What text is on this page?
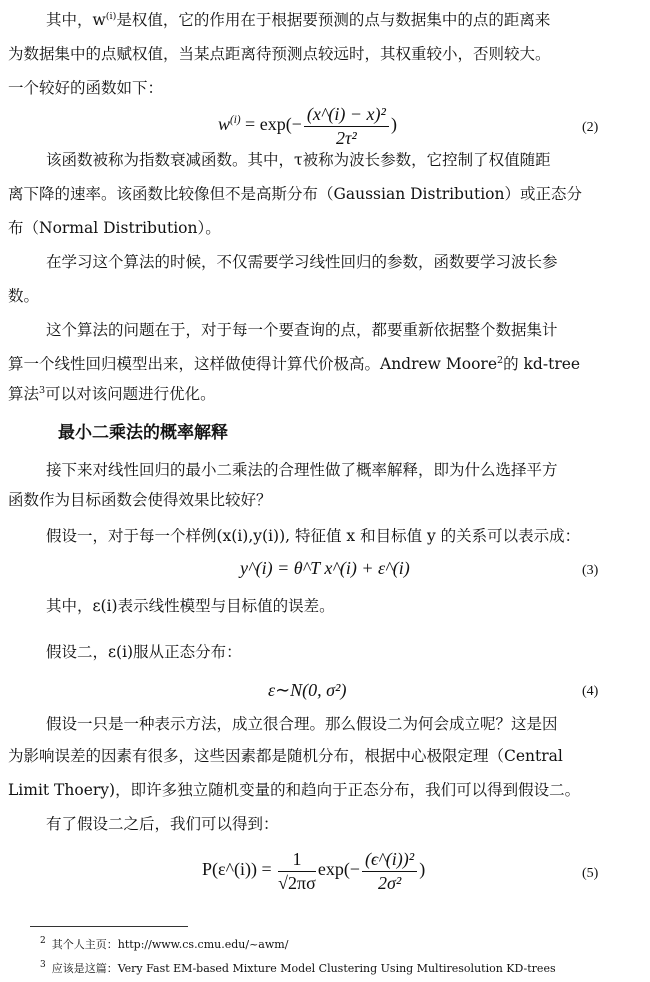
其中，$w^{(i)}$是权值，它的作用在于根据要预测的点与数据集中的点的距离来
为数据集中的点赋权值，当某点距离待预测点较远时，其权重较小，否则较大。
一个较好的函数如下：
$w^{(i)} = \exp(- \frac{\text{(x\textasciicircum{}(i) − x)²}}{\text{2τ²}}$ )	(2)
该函数被称为指数衰减函数。其中，τ被称为波长参数，它控制了权值随距
离下降的速率。该函数比较像但不是高斯分布（Gaussian Distribution）或正态分
布（Normal Distribution）。
在学习这个算法的时候，不仅需要学习线性回归的参数，函数要学习波长参
数。
这个算法的问题在于，对于每一个要查询的点，都要重新依据整个数据集计
算一个线性回归模型出来，这样做使得计算代价极高。Andrew Moore$^2$的 kd-tree
算法$^3$可以对该问题进行优化。
最小二乘法的概率解释
接下来对线性回归的最小二乘法的合理性做了概率解释，即为什么选择平方
函数作为目标函数会使得效果比较好？
假设一，对于每一个样例(x(i),y(i)), 特征值 x 和目标值 y 的关系可以表示成：
y^(i) = θ^T x^(i) + ε^(i)	(3)
其中，ε(i)表示线性模型与目标值的误差。
假设二，ε(i)服从正态分布：
ε∼N(0, σ²)	(4)
假设一只是一种表示方法，成立很合理。那么假设二为何会成立呢？这是因
为影响误差的因素有很多，这些因素都是随机分布，根据中心极限定理（Central
Limit Thoery)，即许多独立随机变量的和趋向于正态分布，我们可以得到假设二。
有了假设二之后，我们可以得到：
P(ε^(i)) = $\frac{1}{√2\pi\sigma} \exp(- \frac{\text{(ϵ\textasciicircum{}(i))²}}{\text{2σ²}}$ )	(5)
$^2$ 其个人主页：http://www.cs.cmu.edu/~awm/
$^3$ 应该是这篇：Very Fast EM-based Mixture Model Clustering Using Multiresolution KD-trees
